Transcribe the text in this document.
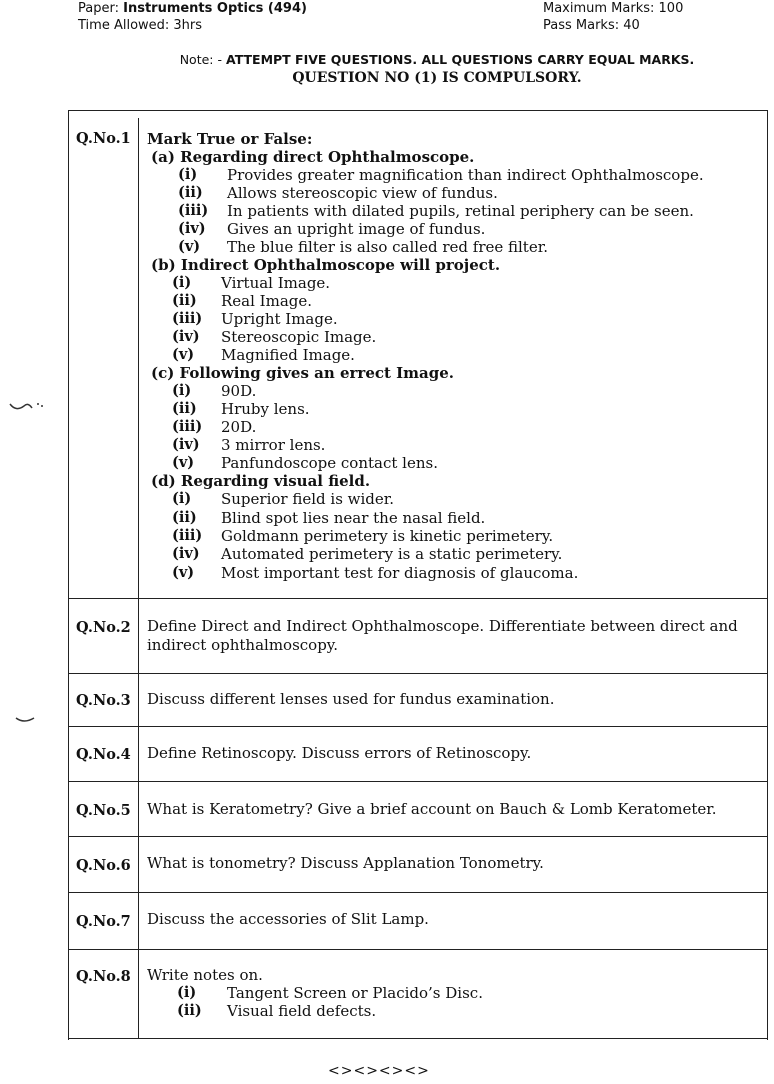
Paper: Instruments Optics (494)
Time Allowed: 3hrs
Maximum Marks: 100
Pass Marks: 40
Note: - ATTEMPT FIVE QUESTIONS. ALL QUESTIONS CARRY EQUAL MARKS.
QUESTION NO (1) IS COMPULSORY.
Q.No.1 Mark True or False:
(a) Regarding direct Ophthalmoscope.
(i) Provides greater magnification than indirect Ophthalmoscope.
(ii) Allows stereoscopic view of fundus.
(iii) In patients with dilated pupils, retinal periphery can be seen.
(iv) Gives an upright image of fundus.
(v) The blue filter is also called red free filter.
(b) Indirect Ophthalmoscope will project.
(i) Virtual Image.
(ii) Real Image.
(iii) Upright Image.
(iv) Stereoscopic Image.
(v) Magnified Image.
(c) Following gives an errect Image.
(i) 90D.
(ii) Hruby lens.
(iii) 20D.
(iv) 3 mirror lens.
(v) Panfundoscope contact lens.
(d) Regarding visual field.
(i) Superior field is wider.
(ii) Blind spot lies near the nasal field.
(iii) Goldmann perimetery is kinetic perimetery.
(iv) Automated perimetery is a static perimetery.
(v) Most important test for diagnosis of glaucoma.
Q.No.2 Define Direct and Indirect Ophthalmoscope. Differentiate between direct and indirect ophthalmoscopy.
Q.No.3 Discuss different lenses used for fundus examination.
Q.No.4 Define Retinoscopy. Discuss errors of Retinoscopy.
Q.No.5 What is Keratometry? Give a brief account on Bauch & Lomb Keratometer.
Q.No.6 What is tonometry? Discuss Applanation Tonometry.
Q.No.7 Discuss the accessories of Slit Lamp.
Q.No.8 Write notes on.
(i) Tangent Screen or Placido’s Disc.
(ii) Visual field defects.
<><><><>
